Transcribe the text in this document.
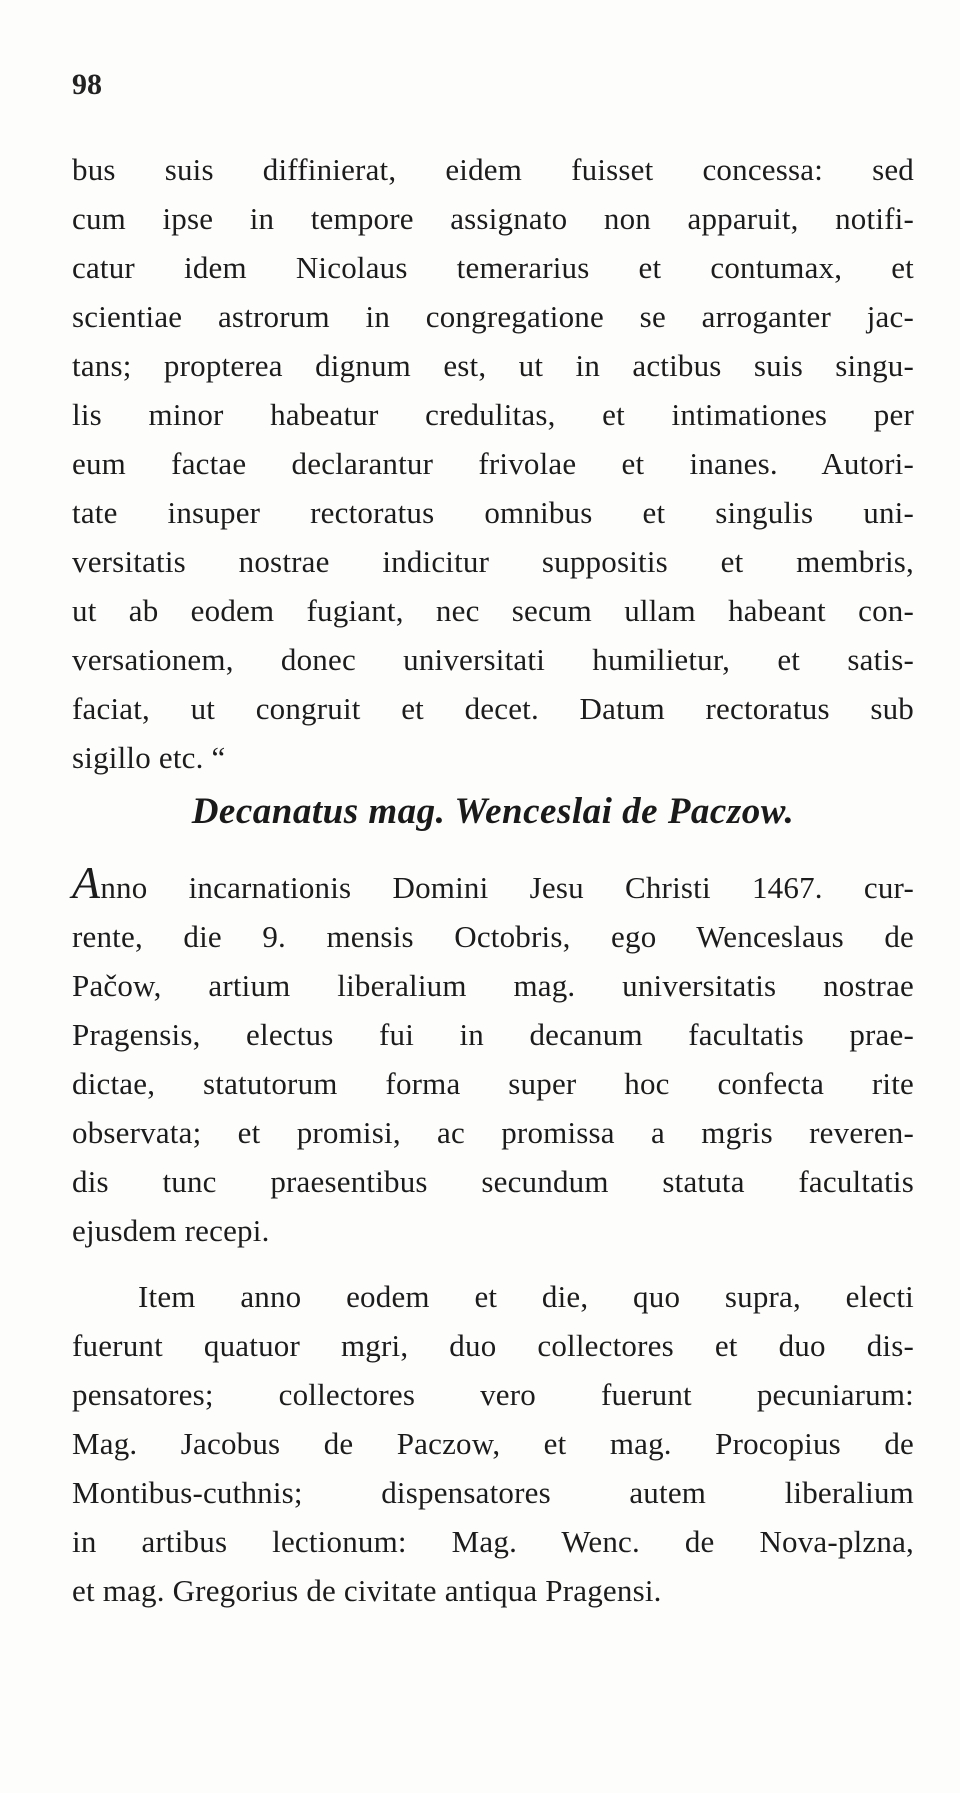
98
bus suis diffinierat, eidem fuisset concessa: sed
cum ipse in tempore assignato non apparuit, notifi-
catur idem Nicolaus temerarius et contumax, et
scientiae astrorum in congregatione se arroganter jac-
tans; propterea dignum est, ut in actibus suis singu-
lis minor habeatur credulitas, et intimationes per
eum factae declarantur frivolae et inanes. Autori-
tate insuper rectoratus omnibus et singulis uni-
versitatis nostrae indicitur suppositis et membris,
ut ab eodem fugiant, nec secum ullam habeant con-
versationem, donec universitati humilietur, et satis-
faciat, ut congruit et decet. Datum rectoratus sub
sigillo etc. “
Decanatus mag. Wenceslai de Paczow.
Anno incarnationis Domini Jesu Christi 1467. cur-
rente, die 9. mensis Octobris, ego Wenceslaus de
Pačow, artium liberalium mag. universitatis nostrae
Pragensis, electus fui in decanum facultatis prae-
dictae, statutorum forma super hoc confecta rite
observata; et promisi, ac promissa a mgris reveren-
dis tunc praesentibus secundum statuta facultatis
ejusdem recepi.
Item anno eodem et die, quo supra, electi
fuerunt quatuor mgri, duo collectores et duo dis-
pensatores; collectores vero fuerunt pecuniarum:
Mag. Jacobus de Paczow, et mag. Procopius de
Montibus-cuthnis; dispensatores autem liberalium
in artibus lectionum: Mag. Wenc. de Nova-plzna,
et mag. Gregorius de civitate antiqua Pragensi.
